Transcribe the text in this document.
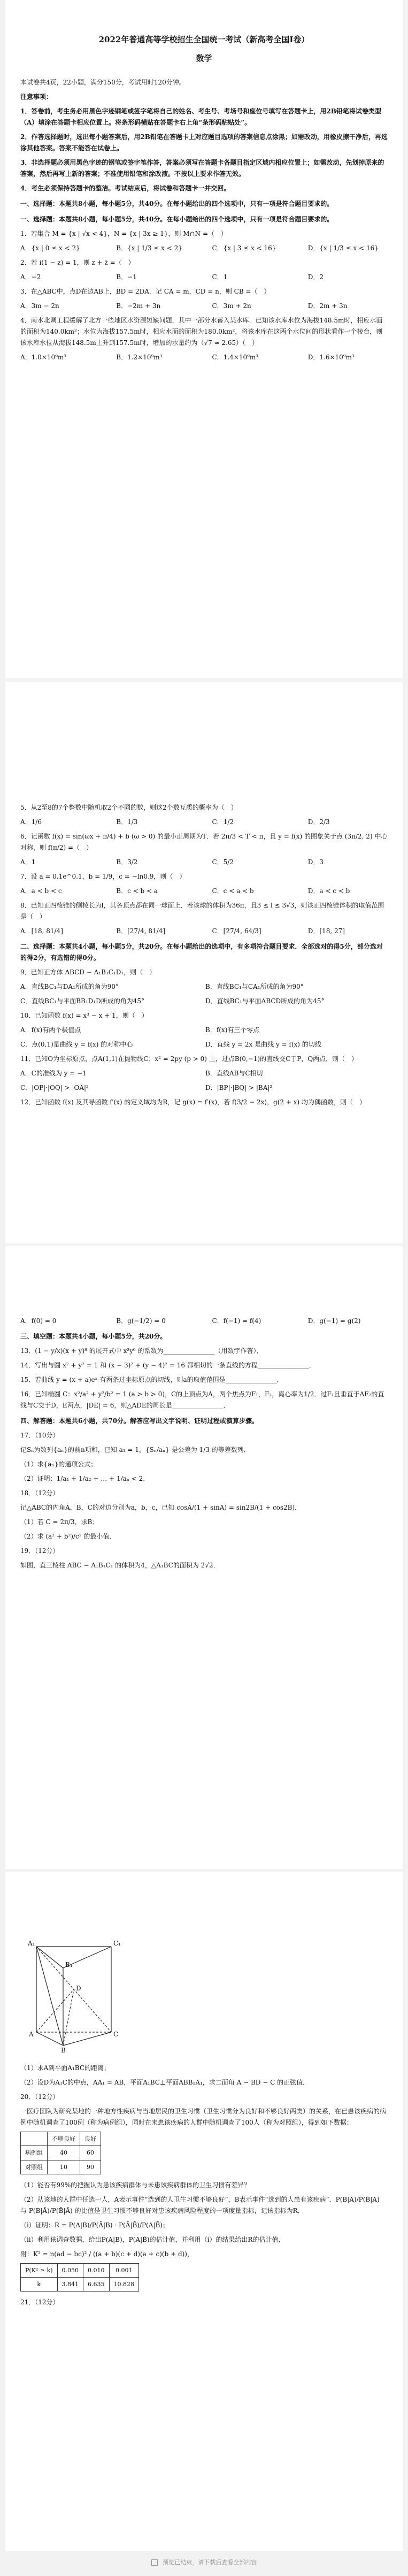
2022年普通高等学校招生全国统一考试（新高考全国Ⅰ卷）
数学

本试卷共4页，22小题，满分150分，考试用时120分钟。

注意事项：

1．答卷前，考生务必用黑色字迹钢笔或签字笔将自己的姓名、考生号、考场号和座位号填写在答题卡上，用2B铅笔将试卷类型（A）填涂在答题卡相应位置上。将条形码横贴在答题卡右上角“条形码粘贴处”。

2．作答选择题时，选出每小题答案后，用2B铅笔在答题卡上对应题目选项的答案信息点涂黑；如需改动，用橡皮擦干净后，再选涂其他答案。答案不能答在试卷上。

3．非选择题必须用黑色字迹的钢笔或签字笔作答，答案必须写在答题卡各题目指定区域内相应位置上；如需改动，先划掉原来的答案，然后再写上新的答案；不准使用铅笔和涂改液。不按以上要求作答无效。

4．考生必须保持答题卡的整洁。考试结束后，将试卷和答题卡一并交回。

一、选择题：本题共8小题，每小题5分，共40分。在每小题给出的四个选项中，只有一项是符合题目要求的。

一、选择题：本题共8小题，每小题5分，共40分。在每小题给出的四个选项中，只有一项是符合题目要求的。

1．若集合 M = {x | √x < 4}，N = {x | 3x ≥ 1}，则 M∩N =（　）

A．{x | 0 ≤ x < 2}	B．{x | 1/3 ≤ x < 2}	C．{x | 3 ≤ x < 16}	D．{x | 1/3 ≤ x < 16}

2．若 i(1 − z) = 1，则 z + z̄ =（　）

A．−2	B．−1	C．1	D．2

3．在△ABC中，点D在边AB上，BD = 2DA．记 CA = m，CD = n，则 CB =（　）

A．3m − 2n	B．−2m + 3n	C．3m + 2n	D．2m + 3n

4．南水北调工程缓解了北方一些地区水资源短缺问题，其中一部分水蓄入某水库．已知该水库水位为海拔148.5m时，相应水面的面积为140.0km²；水位为海拔157.5m时，相应水面的面积为180.0km²，将该水库在这两个水位间的形状看作一个棱台，则该水库水位从海拔148.5m上升到157.5m时，增加的水量约为（√7 ≈ 2.65）（　）

A．1.0×10⁹m³	B．1.2×10⁹m³	C．1.4×10⁹m³	D．1.6×10⁹m³

5．从2至8的7个整数中随机取2个不同的数，则这2个数互质的概率为（　）

A．1/6	B．1/3	C．1/2	D．2/3

6．记函数 f(x) = sin(ωx + π/4) + b (ω > 0) 的最小正周期为T．若 2π/3 < T < π，且 y = f(x) 的图象关于点 (3π/2, 2) 中心对称，则 f(π/2) =（　）

A．1	B．3/2	C．5/2	D．3

7．设 a = 0.1e^0.1，b = 1/9，c = −ln0.9，则（　）

A．a < b < c	B．c < b < a	C．c < a < b	D．a < c < b

8．已知正四棱锥的侧棱长为l，其各顶点都在同一球面上．若该球的体积为36π，且3 ≤ l ≤ 3√3，则该正四棱锥体积的取值范围是（　）

A．[18, 81/4]	B．[27/4, 81/4]	C．[27/4, 64/3]	D．[18, 27]

二、选择题：本题共4小题，每小题5分，共20分。在每小题给出的选项中，有多项符合题目要求．全部选对的得5分，部分选对的得2分，有选错的得0分。

9．已知正方体 ABCD − A₁B₁C₁D₁，则（　）

A．直线BC₁与DA₁所成的角为90°	B．直线BC₁与CA₁所成的角为90°
C．直线BC₁与平面BB₁D₁D所成的角为45°	D．直线BC₁与平面ABCD所成的角为45°

10．已知函数 f(x) = x³ − x + 1，则（　）

A．f(x)有两个极值点	B．f(x)有三个零点
C．点(0,1)是曲线 y = f(x) 的对称中心	D．直线 y = 2x 是曲线 y = f(x) 的切线

11．已知O为坐标原点，点A(1,1)在抛物线C：x² = 2py (p > 0) 上，过点B(0,−1)的直线交C于P，Q两点，则（　）

A．C的准线为 y = −1	B．直线AB与C相切
C．|OP|·|OQ| > |OA|²	D．|BP|·|BQ| > |BA|²

12．已知函数 f(x) 及其导函数 f′(x) 的定义域均为R，记 g(x) = f′(x)，若 f(3/2 − 2x)，g(2 + x) 均为偶函数，则（　）

A．f(0) = 0	B．g(−1/2) = 0	C．f(−1) = f(4)	D．g(−1) = g(2)

三、填空题：本题共4小题，每小题5分，共20分。

13．(1 − y/x)(x + y)⁸ 的展开式中 x²y⁶ 的系数为________________（用数字作答）．

14．写出与圆 x² + y² = 1 和 (x − 3)² + (y − 4)² = 16 都相切的一条直线的方程________________．

15．若曲线 y = (x + a)eˣ 有两条过坐标原点的切线，则a的取值范围是________________．

16．已知椭圆 C：x²/a² + y²/b² = 1 (a > b > 0)，C的上顶点为A，两个焦点为F₁，F₂，离心率为1/2．过F₁且垂直于AF₂的直线与C交于D，E两点，|DE| = 6，则△ADE的周长是________________．

四、解答题：本题共6小题，共70分。解答应写出文字说明、证明过程或演算步骤。

17．（10分）

记Sₙ为数列{aₙ}的前n项和，已知 a₁ = 1，{Sₙ/aₙ} 是公差为 1/3 的等差数列．

（1）求{aₙ}的通项公式；

（2）证明：1/a₁ + 1/a₂ + … + 1/aₙ < 2．

18．（12分）

记△ABC的内角A，B，C的对边分别为a，b，c，已知 cosA/(1 + sinA) = sin2B/(1 + cos2B)．

（1）若 C = 2π/3，求B；

（2）求 (a² + b²)/c² 的最小值．

19．（12分）

如图，直三棱柱 ABC − A₁B₁C₁ 的体积为4，△A₁BC的面积为 2√2．

A₁
B₁
C₁
A
B
C
D

（1）求A到平面A₁BC的距离；

（2）设D为A₁C的中点，AA₁ = AB，平面A₁BC⊥平面ABB₁A₁，求二面角 A − BD − C 的正弦值．

20．（12分）

一医疗团队为研究某地的一种地方性疾病与当地居民的卫生习惯（卫生习惯分为良好和不够良好两类）的关系，在已患该疾病的病例中随机调查了100例（称为病例组），同时在未患该疾病的人群中随机调查了100人（称为对照组），得到如下数据：

	不够良好	良好
病例组	40	60
对照组	10	90

（1）能否有99%的把握认为患该疾病群体与未患该疾病群体的卫生习惯有差异？

（2）从该地的人群中任选一人，A表示事件“选到的人卫生习惯不够良好”，B表示事件“选到的人患有该疾病”．P(B|A)/P(B̄|A) 与 P(B|Ā)/P(B̄|Ā) 的比值是卫生习惯不够良好对患该疾病风险程度的一项度量指标，记该指标为R．

（ⅰ）证明：R = P(A|B)/P(Ā|B) · P(Ā|B̄)/P(A|B̄)；

（ⅱ）利用该调查数据，给出P(A|B)，P(A|B̄)的估计值，并利用（ⅰ）的结果给出R的估计值．

附：K² = n(ad − bc)² / ((a + b)(c + d)(a + c)(b + d))，

P(K² ≥ k)	0.050	0.010	0.001
k	3.841	6.635	10.828

21．（12分）

预览已结束，请下载后查看全部内容
